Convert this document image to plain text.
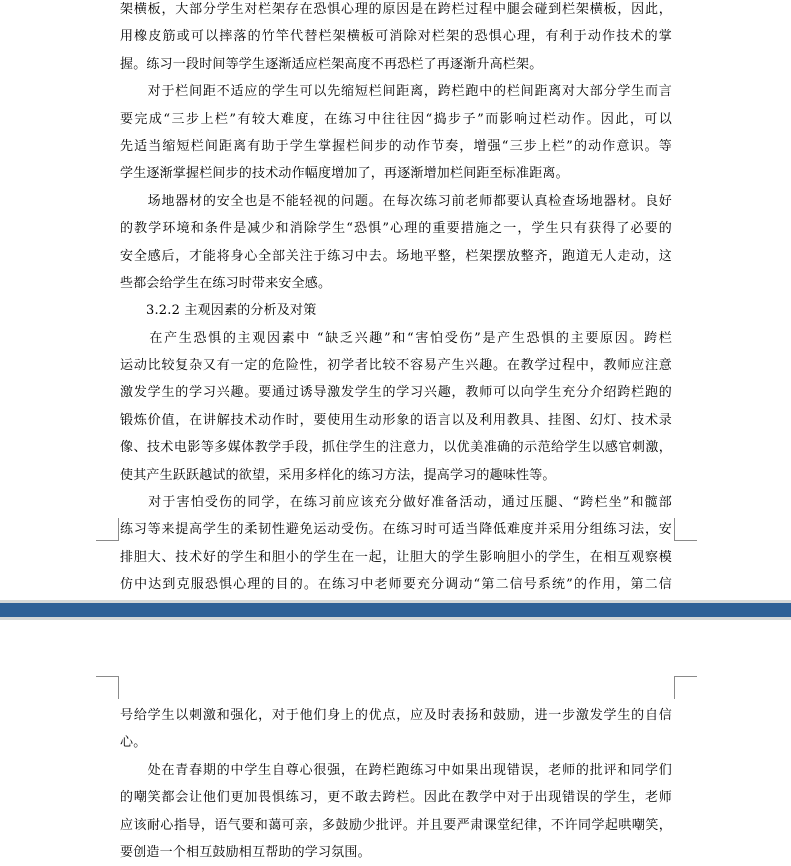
架横板，大部分学生对栏架存在恐惧心理的原因是在跨栏过程中腿会碰到栏架横板，因此，
用橡皮筋或可以摔落的竹竿代替栏架横板可消除对栏架的恐惧心理，有利于动作技术的掌
握。练习一段时间等学生逐渐适应栏架高度不再恐栏了再逐渐升高栏架。
　　对于栏间距不适应的学生可以先缩短栏间距离，跨栏跑中的栏间距离对大部分学生而言
要完成“三步上栏”有较大难度，在练习中往往因“捣步子”而影响过栏动作。因此，可以
先适当缩短栏间距离有助于学生掌握栏间步的动作节奏，增强“三步上栏”的动作意识。等
学生逐渐掌握栏间步的技术动作幅度增加了，再逐渐增加栏间距至标准距离。
　　场地器材的安全也是不能轻视的问题。在每次练习前老师都要认真检查场地器材。良好
的教学环境和条件是减少和消除学生“恐惧”心理的重要措施之一，学生只有获得了必要的
安全感后，才能将身心全部关注于练习中去。场地平整，栏架摆放整齐，跑道无人走动，这
些都会给学生在练习时带来安全感。
3.2.2 主观因素的分析及对策
　　在产生恐惧的主观因素中 “缺乏兴趣”和“害怕受伤”是产生恐惧的主要原因。跨栏
运动比较复杂又有一定的危险性，初学者比较不容易产生兴趣。在教学过程中，教师应注意
激发学生的学习兴趣。要通过诱导激发学生的学习兴趣，教师可以向学生充分介绍跨栏跑的
锻炼价值，在讲解技术动作时，要使用生动形象的语言以及利用教具、挂图、幻灯、技术录
像、技术电影等多媒体教学手段，抓住学生的注意力，以优美准确的示范给学生以感官刺激，
使其产生跃跃越试的欲望，采用多样化的练习方法，提高学习的趣味性等。
　　对于害怕受伤的同学，在练习前应该充分做好准备活动，通过压腿、“跨栏坐”和髋部
练习等来提高学生的柔韧性避免运动受伤。在练习时可适当降低难度并采用分组练习法，安
排胆大、技术好的学生和胆小的学生在一起，让胆大的学生影响胆小的学生，在相互观察模
仿中达到克服恐惧心理的目的。在练习中老师要充分调动“第二信号系统”的作用，第二信
号给学生以刺激和强化，对于他们身上的优点，应及时表扬和鼓励，进一步激发学生的自信
心。
　　处在青春期的中学生自尊心很强，在跨栏跑练习中如果出现错误，老师的批评和同学们
的嘲笑都会让他们更加畏惧练习，更不敢去跨栏。因此在教学中对于出现错误的学生，老师
应该耐心指导，语气要和蔼可亲，多鼓励少批评。并且要严肃课堂纪律，不许同学起哄嘲笑，
要创造一个相互鼓励相互帮助的学习氛围。
